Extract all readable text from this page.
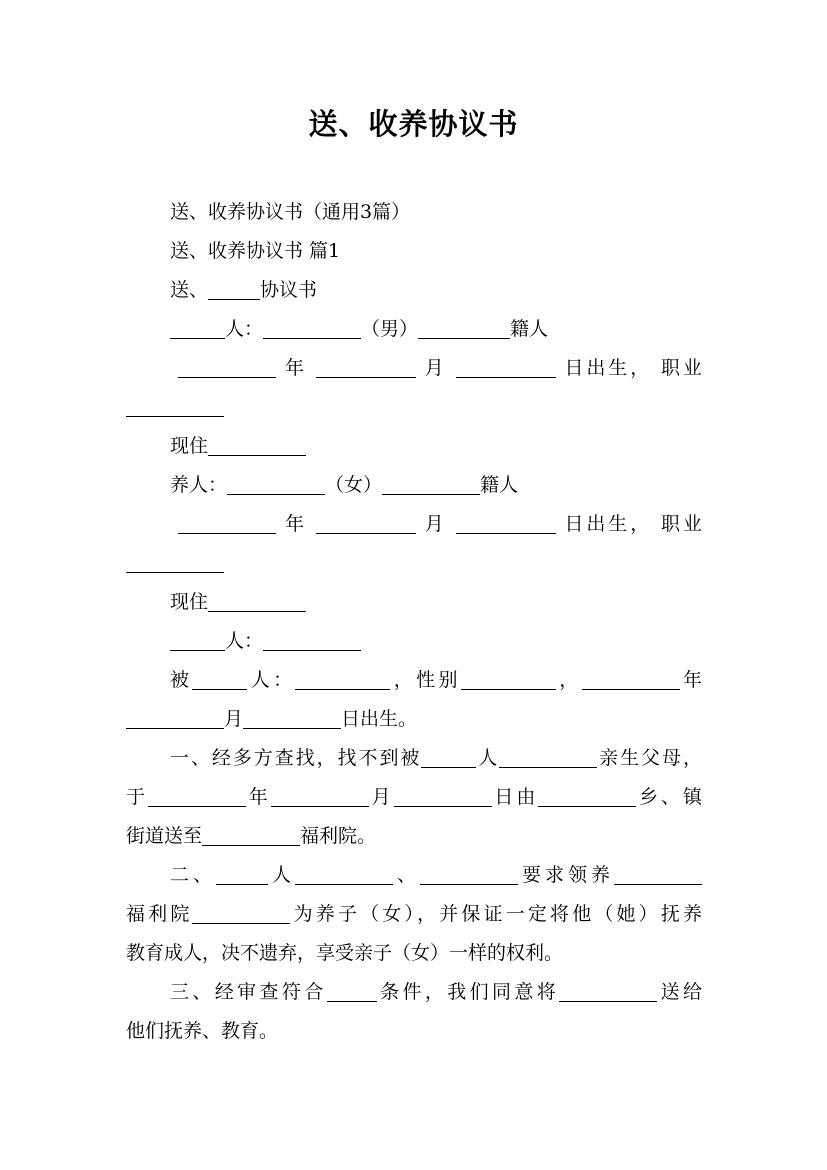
送、收养协议书
送、收养协议书（通用3篇）
送、收养协议书 篇1
送、	协议书
人：	（男）	籍人
年	月	日出生， 职业
现住
养人：	（女）	籍人
年	月	日出生， 职业
现住
人：
被	人：	，性别	，	年
月	日出生。
一、经多方查找，找不到被	人	亲生父母，
于	年	月	日由	乡、镇
街道送至	福利院。
二、	人	、	要求领养
福利院	为养子（女），并保证一定将他（她）抚养
教育成人，决不遗弃，享受亲子（女）一样的权利。
三、经审查符合	条件，我们同意将	送给
他们抚养、教育。
